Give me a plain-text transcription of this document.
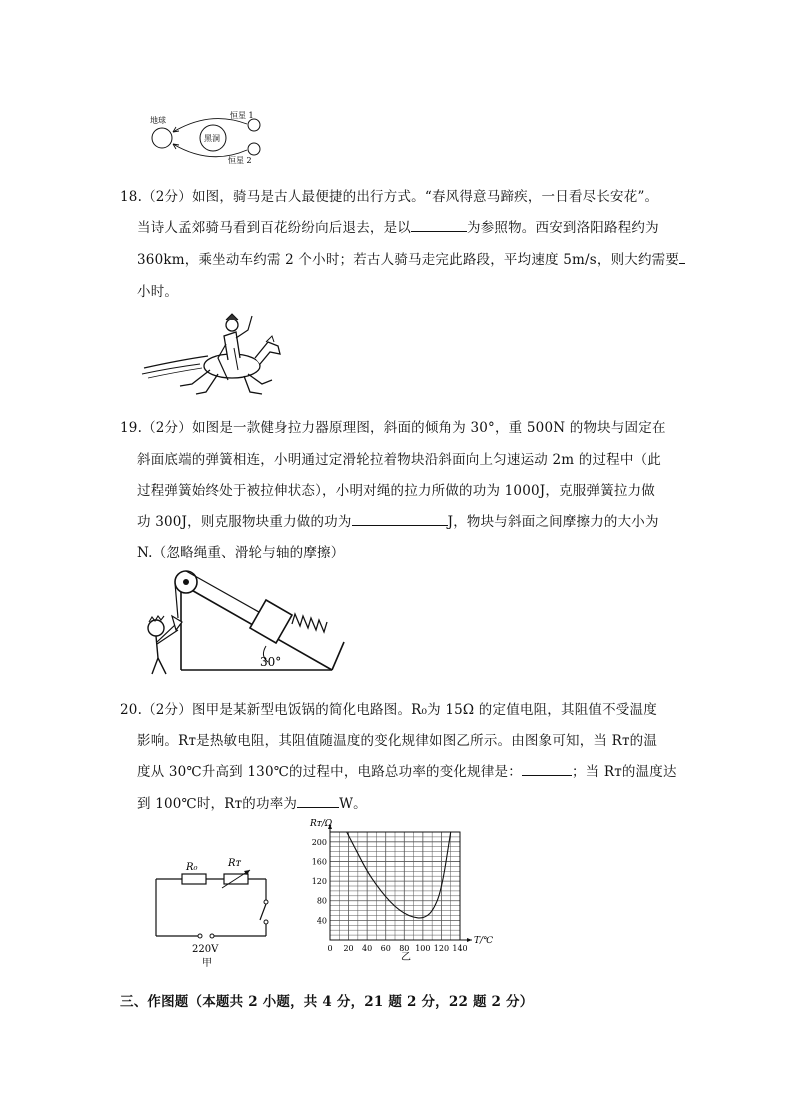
地球
黑洞
恒星 1
恒星 2
18.（2分）如图，骑马是古人最便捷的出行方式。“春风得意马蹄疾，一日看尽长安花”。
当诗人孟郊骑马看到百花纷纷向后退去，是以	为参照物。西安到洛阳路程约为
360km，乘坐动车约需 2 个小时；若古人骑马走完此路段，平均速度 5m/s，则大约需要
小时。
19.（2分）如图是一款健身拉力器原理图，斜面的倾角为 30°，重 500N 的物块与固定在
斜面底端的弹簧相连，小明通过定滑轮拉着物块沿斜面向上匀速运动 2m 的过程中（此
过程弹簧始终处于被拉伸状态），小明对绳的拉力所做的功为 1000J，克服弹簧拉力做
功 300J，则克服物块重力做的功为	J，物块与斜面之间摩擦力的大小为
N.（忽略绳重、滑轮与轴的摩擦）
30°
20.（2分）图甲是某新型电饭锅的简化电路图。R₀为 15Ω 的定值电阻，其阻值不受温度
影响。Rᴛ是热敏电阻，其阻值随温度的变化规律如图乙所示。由图象可知，当 Rᴛ的温
度从 30℃升高到 130℃的过程中，电路总功率的变化规律是：	；当 Rᴛ的温度达
到 100℃时，Rᴛ的功率为	W。
R₀	Rᴛ
220V
甲
0 20 40 60 80 100 120 140
40
80
120
160
200
Rᴛ/Ω
T/℃
乙
三、作图题（本题共 2 小题，共 4 分，21 题 2 分，22 题 2 分）
